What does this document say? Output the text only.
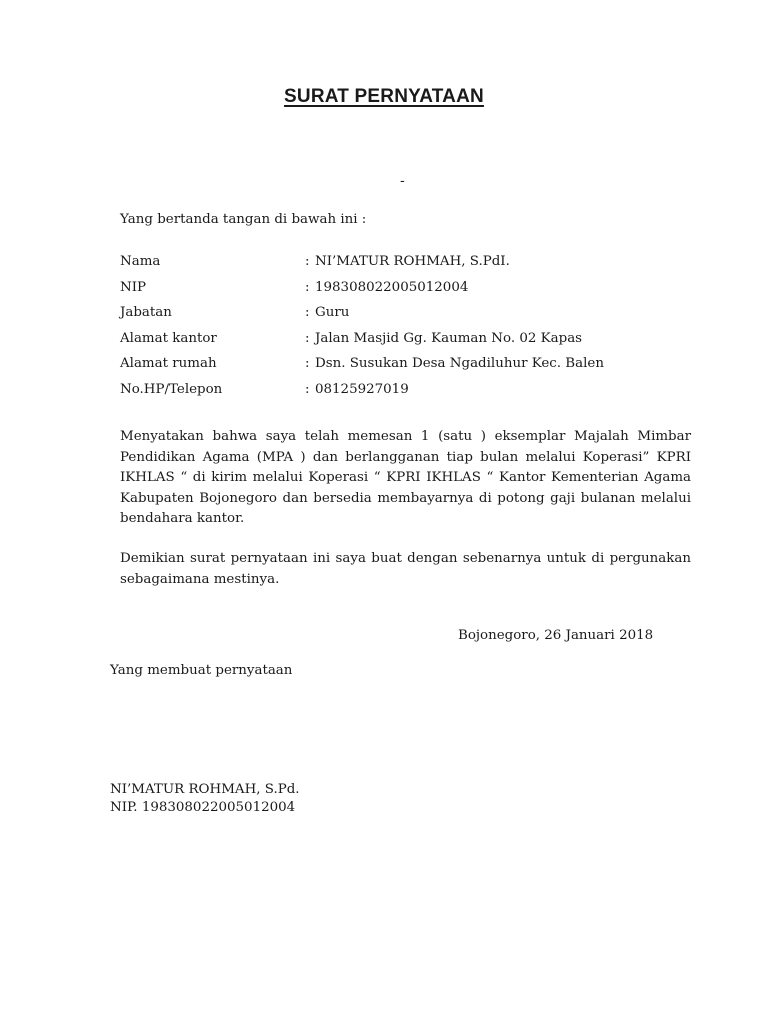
SURAT PERNYATAAN
-
Yang bertanda tangan di bawah ini :
Nama	: NI’MATUR ROHMAH, S.PdI.
NIP	: 198308022005012004
Jabatan	: Guru
Alamat kantor	: Jalan Masjid Gg. Kauman No. 02 Kapas
Alamat rumah	: Dsn. Susukan Desa Ngadiluhur Kec. Balen
No.HP/Telepon	: 08125927019
Menyatakan bahwa saya telah memesan 1 (satu ) eksemplar Majalah Mimbar Pendidikan Agama (MPA ) dan berlangganan tiap bulan melalui Koperasi” KPRI IKHLAS “ di kirim melalui Koperasi “ KPRI IKHLAS “ Kantor Kementerian Agama Kabupaten Bojonegoro dan bersedia membayarnya di potong gaji bulanan melalui bendahara kantor.
Demikian surat pernyataan ini saya buat dengan sebenarnya untuk di pergunakan sebagaimana mestinya.
Bojonegoro, 26 Januari 2018
Yang membuat pernyataan
NI’MATUR ROHMAH, S.Pd.
NIP. 198308022005012004
